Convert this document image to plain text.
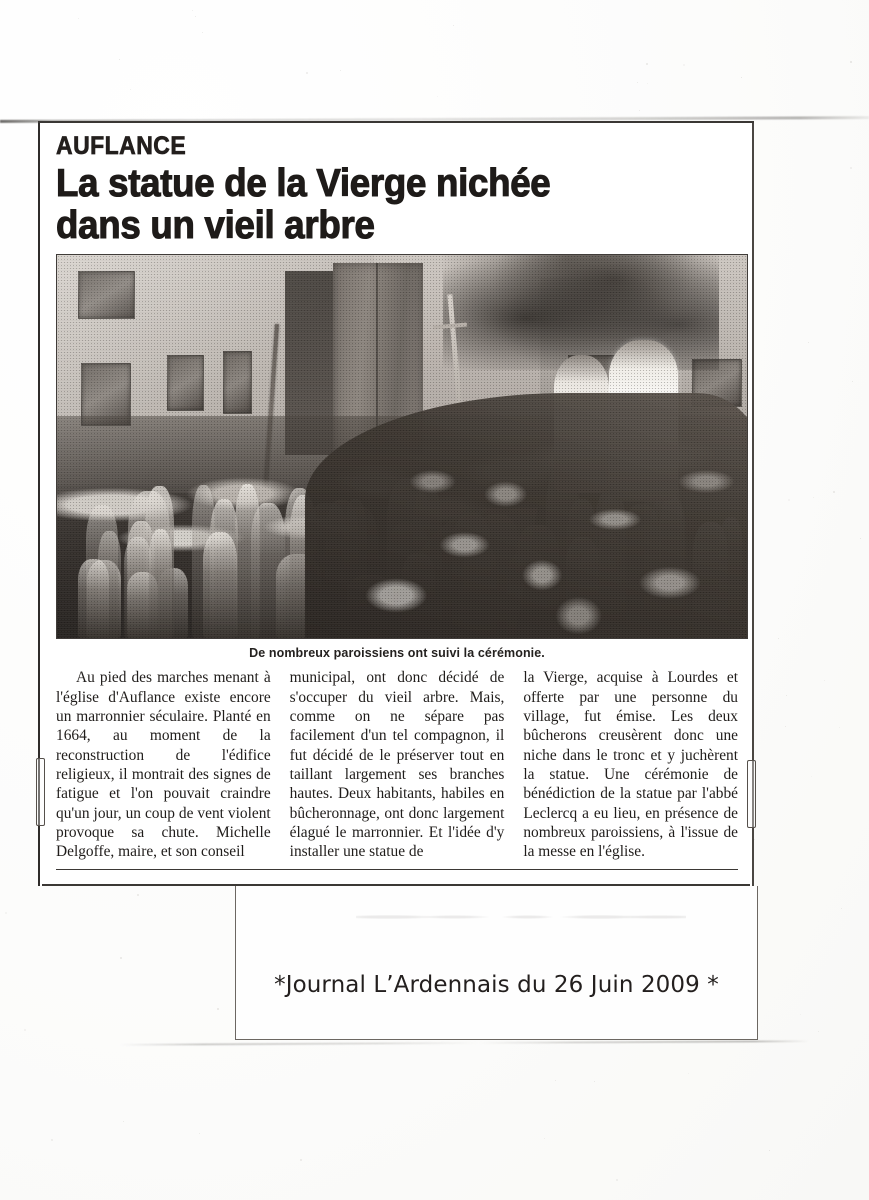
AUFLANCE
La statue de la Vierge nichée
dans un vieil arbre
De nombreux paroissiens ont suivi la cérémonie.

Au pied des marches menant à l'église d'Auflance existe encore un marronnier séculaire. Planté en 1664, au moment de la reconstruction de l'édifice religieux, il montrait des signes de fatigue et l'on pouvait craindre qu'un jour, un coup de vent violent provoque sa chute. Michelle Delgoffe, maire, et son conseil

municipal, ont donc décidé de s'occuper du vieil arbre. Mais, comme on ne sépare pas facilement d'un tel compagnon, il fut décidé de le préserver tout en taillant largement ses branches hautes. Deux habitants, habiles en bûcheronnage, ont donc largement élagué le marronnier. Et l'idée d'y installer une statue de

la Vierge, acquise à Lourdes et offerte par une personne du village, fut émise. Les deux bûcherons creusèrent donc une niche dans le tronc et y juchèrent la statue. Une cérémonie de bénédiction de la statue par l'abbé Leclercq a eu lieu, en présence de nombreux paroissiens, à l'issue de la messe en l'église.

*Journal L’Ardennais du 26 Juin 2009 *
